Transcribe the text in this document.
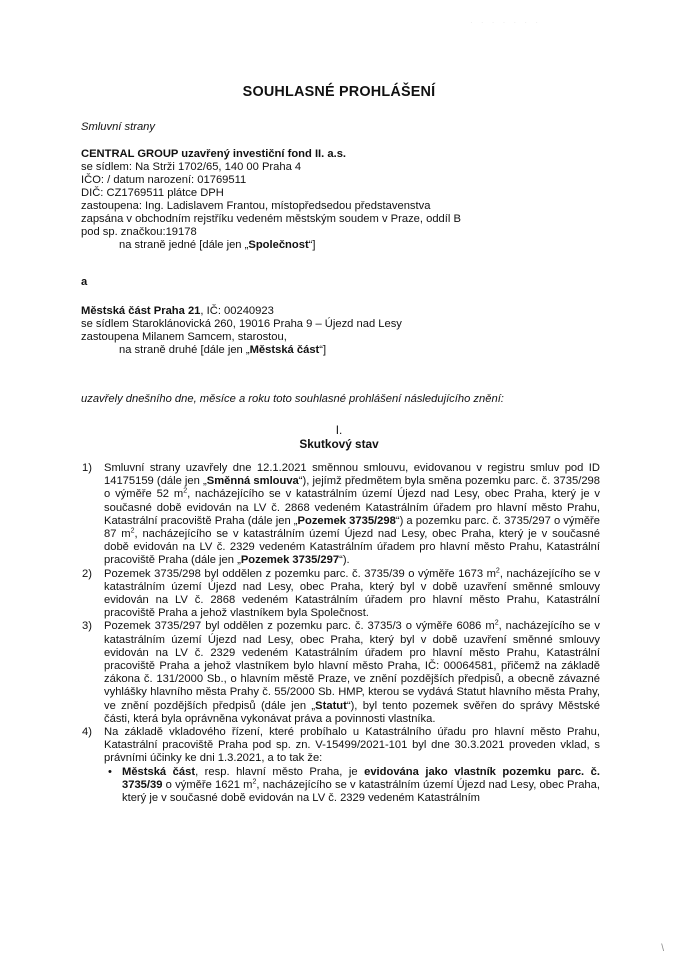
· · · · · · ·
SOUHLASNÉ PROHLÁŠENÍ
Smluvní strany
CENTRAL GROUP uzavřený investiční fond II. a.s.
se sídlem: Na Strži 1702/65, 140 00 Praha 4
IČO: / datum narození: 01769511
DIČ: CZ1769511 plátce DPH
zastoupena: Ing. Ladislavem Frantou, místopředsedou představenstva
zapsána v obchodním rejstříku vedeném městským soudem v Praze, oddíl B
pod sp. značkou:19178
na straně jedné [dále jen „Společnost“]
a
Městská část Praha 21, IČ: 00240923
se sídlem Staroklánovická 260, 19016 Praha 9 – Újezd nad Lesy
zastoupena Milanem Samcem, starostou,
na straně druhé [dále jen „Městská část“]
uzavřely dnešního dne, měsíce a roku toto souhlasné prohlášení následujícího znění:
I.
Skutkový stav
1) Smluvní strany uzavřely dne 12.1.2021 směnnou smlouvu, evidovanou v registru smluv pod ID 14175159 (dále jen „Směnná smlouva“), jejímž předmětem byla směna pozemku parc. č. 3735/298 o výměře 52 $m^2$, nacházejícího se v katastrálním území Újezd nad Lesy, obec Praha, který je v současné době evidován na LV č. 2868 vedeném Katastrálním úřadem pro hlavní město Prahu, Katastrální pracoviště Praha (dále jen „Pozemek 3735/298“) a pozemku parc. č. 3735/297 o výměře 87 $m^2$, nacházejícího se v katastrálním území Újezd nad Lesy, obec Praha, který je v současné době evidován na LV č. 2329 vedeném Katastrálním úřadem pro hlavní město Prahu, Katastrální pracoviště Praha (dále jen „Pozemek 3735/297“).
2) Pozemek 3735/298 byl oddělen z pozemku parc. č. 3735/39 o výměře 1673 $m^2$, nacházejícího se v katastrálním území Újezd nad Lesy, obec Praha, který byl v době uzavření směnné smlouvy evidován na LV č. 2868 vedeném Katastrálním úřadem pro hlavní město Prahu, Katastrální pracoviště Praha a jehož vlastníkem byla Společnost.
3) Pozemek 3735/297 byl oddělen z pozemku parc. č. 3735/3 o výměře 6086 $m^2$, nacházejícího se v katastrálním území Újezd nad Lesy, obec Praha, který byl v době uzavření směnné smlouvy evidován na LV č. 2329 vedeném Katastrálním úřadem pro hlavní město Prahu, Katastrální pracoviště Praha a jehož vlastníkem bylo hlavní město Praha, IČ: 00064581, přičemž na základě zákona č. 131/2000 Sb., o hlavním městě Praze, ve znění pozdějších předpisů, a obecně závazné vyhlášky hlavního města Prahy č. 55/2000 Sb. HMP, kterou se vydává Statut hlavního města Prahy, ve znění pozdějších předpisů (dále jen „Statut“), byl tento pozemek svěřen do správy Městské části, která byla oprávněna vykonávat práva a povinnosti vlastníka.
4) Na základě vkladového řízení, které probíhalo u Katastrálního úřadu pro hlavní město Prahu, Katastrální pracoviště Praha pod sp. zn. V-15499/2021-101 byl dne 30.3.2021 proveden vklad, s právními účinky ke dni 1.3.2021, a to tak že:
• Městská část, resp. hlavní město Praha, je evidována jako vlastník pozemku parc. č. 3735/39 o výměře 1621 $m^2$, nacházejícího se v katastrálním území Újezd nad Lesy, obec Praha, který je v současné době evidován na LV č. 2329 vedeném Katastrálním
\
